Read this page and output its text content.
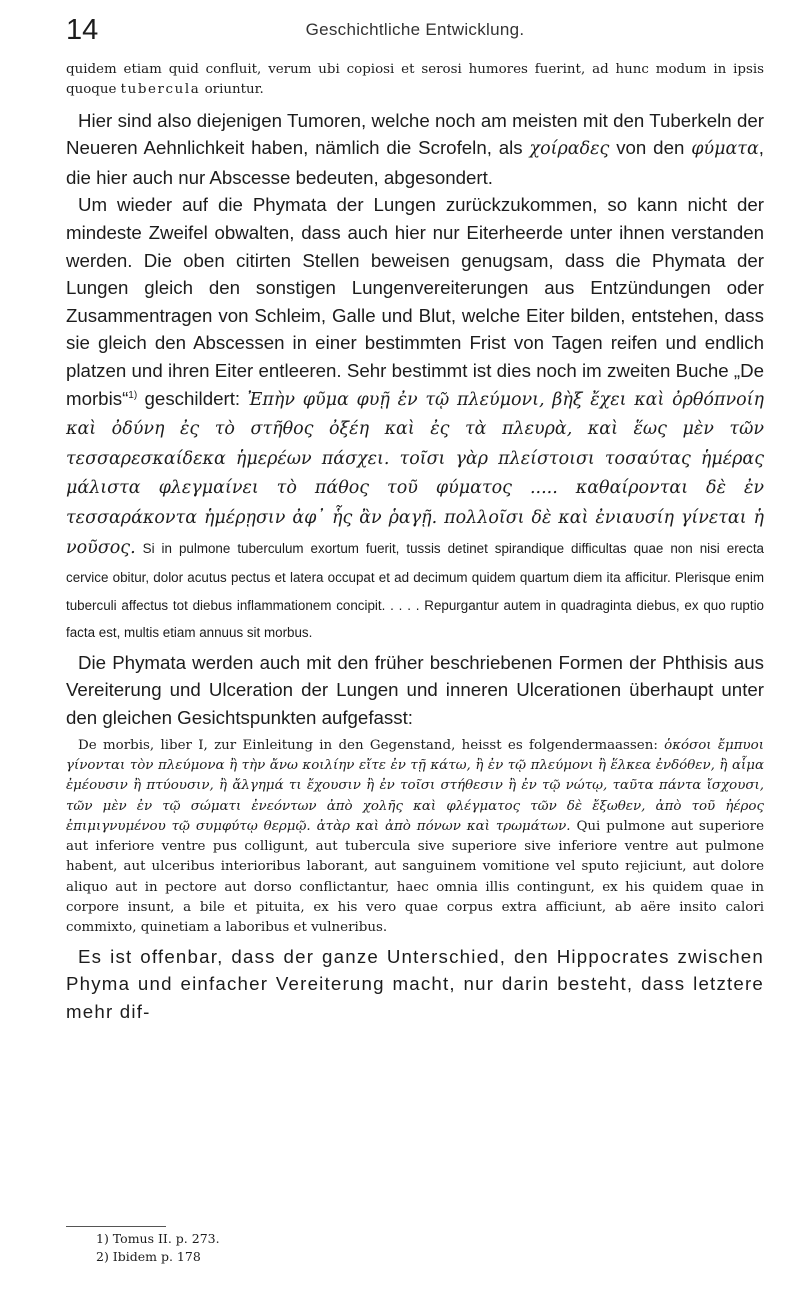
14	Geschichtliche Entwicklung.

quidem etiam quid confluit, verum ubi copiosi et serosi humores fuerint, ad hunc modum in ipsis quoque tubercula oriuntur.

Hier sind also diejenigen Tumoren, welche noch am meisten mit den Tuberkeln der Neueren Aehnlichkeit haben, nämlich die Scrofeln, als χοίραδες von den φύματα, die hier auch nur Abscesse bedeuten, abgesondert.

Um wieder auf die Phymata der Lungen zurückzukommen, so kann nicht der mindeste Zweifel obwalten, dass auch hier nur Eiterheerde unter ihnen verstanden werden. Die oben citirten Stellen beweisen genugsam, dass die Phymata der Lungen gleich den sonstigen Lungenvereiterungen aus Entzündungen oder Zusammentragen von Schleim, Galle und Blut, welche Eiter bilden, entstehen, dass sie gleich den Abscessen in einer bestimmten Frist von Tagen reifen und endlich platzen und ihren Eiter entleeren. Sehr bestimmt ist dies noch im zweiten Buche „De morbis“$^{1)}$ geschildert: Ἐπὴν φῦμα φυῇ ἐν τῷ πλεύμονι, βὴξ ἔχει καὶ ὀρθόπνοίη καὶ ὀδύνη ἐς τὸ στῆθος ὀξέη καὶ ἐς τὰ πλευρὰ, καὶ ἕως μὲν τῶν τεσσαρεσκαίδεκα ἡμερέων πάσχει. τοῖσι γὰρ πλείστοισι τοσαύτας ἡμέρας μάλιστα φλεγμαίνει τὸ πάθος τοῦ φύματος ..... καθαίρονται δὲ ἐν τεσσαράκοντα ἡμέρῃσιν ἀφ᾽ ἧς ἂν ῥαγῇ. πολλοῖσι δὲ καὶ ἐνιαυσίη γίνεται ἡ νοῦσος. Si in pulmone tuberculum exortum fuerit, tussis detinet spirandique difficultas quae non nisi erecta cervice obitur, dolor acutus pectus et latera occupat et ad decimum quidem quartum diem ita afficitur. Plerisque enim tuberculi affectus tot diebus inflammationem concipit. . . . . Repurgantur autem in quadraginta diebus, ex quo ruptio facta est, multis etiam annuus sit morbus.

Die Phymata werden auch mit den früher beschriebenen Formen der Phthisis aus Vereiterung und Ulceration der Lungen und inneren Ulcerationen überhaupt unter den gleichen Gesichtspunkten aufgefasst:

De morbis, liber I, zur Einleitung in den Gegenstand, heisst es folgendermaassen: ὁκόσοι ἔμπυοι γίνονται τὸν πλεύμονα ἢ τὴν ἄνω κοιλίην εἴτε ἐν τῇ κάτω, ἢ ἐν τῷ πλεύμονι ἢ ἕλκεα ἐνδόθεν, ἢ αἷμα ἐμέουσιν ἢ πτύουσιν, ἢ ἄλγημά τι ἔχουσιν ἢ ἐν τοῖσι στήθεσιν ἢ ἐν τῷ νώτῳ, ταῦτα πάντα ἴσχουσι, τῶν μὲν ἐν τῷ σώματι ἐνεόντων ἀπὸ χολῆς καὶ φλέγματος τῶν δὲ ἔξωθεν, ἀπὸ τοῦ ἠέρος ἐπιμιγνυμένου τῷ συμφύτῳ θερμῷ. ἀτὰρ καὶ ἀπὸ πόνων καὶ τρωμάτων. Qui pulmone aut superiore aut inferiore ventre pus colligunt, aut tubercula sive superiore sive inferiore ventre aut pulmone habent, aut ulceribus interioribus laborant, aut sanguinem vomitione vel sputo rejiciunt, aut dolore aliquo aut in pectore aut dorso conflictantur, haec omnia illis contingunt, ex his quidem quae in corpore insunt, a bile et pituita, ex his vero quae corpus extra afficiunt, ab aëre insito calori commixto, quinetiam a laboribus et vulneribus.

Es ist offenbar, dass der ganze Unterschied, den Hippocrates zwischen Phyma und einfacher Vereiterung macht, nur darin besteht, dass letztere mehr dif-

1) Tomus II. p. 273.
2) Ibidem p. 178
